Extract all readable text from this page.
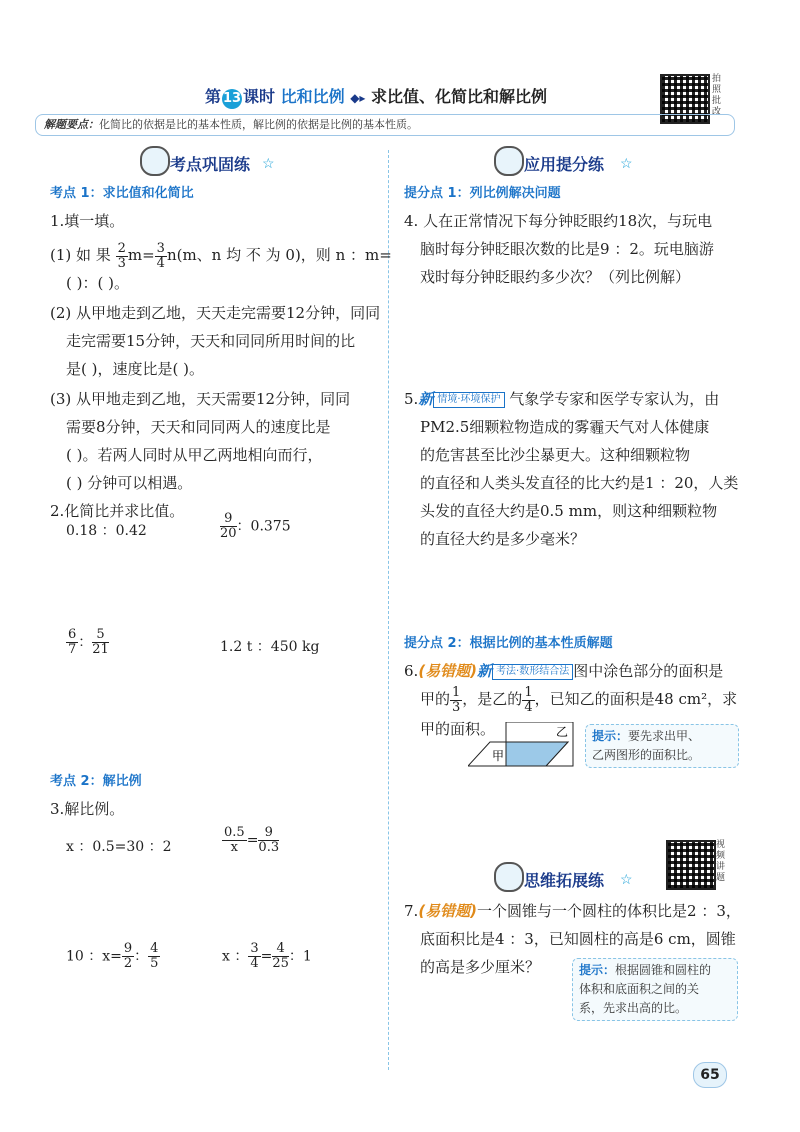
第 13 课时 比和比例 ◆▸ 求比值、化简比和解比例
拍照批改
解题要点：化简比的依据是比的基本性质，解比例的依据是比例的基本性质。
考点巩固练 ☆
考点 1：求比值和化简比
1.填一填。
(1) 如 果 $\frac{2}{3} m= \frac{3}{4} n(m$、n 均 不 为 0)，则 n ：m=
( )：( )。
(2) 从甲地走到乙地，天天走完需要12分钟，同同
走完需要15分钟，天天和同同所用时间的比
是( )，速度比是( )。
(3) 从甲地走到乙地，天天需要12分钟，同同
需要8分钟，天天和同同两人的速度比是
( )。若两人同时从甲乙两地相向而行，
( ) 分钟可以相遇。
2.化简比并求比值。
0.18 ：0.42	$\frac{9}{20}$ ：0.375
$\frac{6}{7}$ ： $\frac{5}{21}$	1.2 t ：450 kg
考点 2：解比例
3.解比例。
x ：0.5=30 ：2	$\frac{0.5}{x} = \frac{9}{0.3}$
10 ：$x= \frac{9}{2}$ ： $\frac{4}{5}$	x ： $\frac{3}{4} = \frac{4}{25}$ ：1
应用提分练 ☆
提分点 1：列比例解决问题
4. 人在正常情况下每分钟眨眼约18次，与玩电
脑时每分钟眨眼次数的比是9 ：2。玩电脑游
戏时每分钟眨眼约多少次？（列比例解）
5.新 情境·环境保护 气象学专家和医学专家认为，由
PM2.5细颗粒物造成的雾霾天气对人体健康
的危害甚至比沙尘暴更大。这种细颗粒物
的直径和人类头发直径的比大约是1 ：20，人类
头发的直径大约是0.5 mm，则这种细颗粒物
的直径大约是多少毫米？
提分点 2：根据比例的基本性质解题
6.(易错题)新 考法·数形结合法 图中涂色部分的面积是
甲的 $\frac{1}{3}$ ，是乙的 $\frac{1}{4}$ ，已知乙的面积是48 cm²，求
甲的面积。
甲
乙	提示：要先求出甲、
乙两图形的面积比。
视频讲题
思维拓展练 ☆
7.(易错题)一个圆锥与一个圆柱的体积比是2 ：3，
底面积比是4 ：3，已知圆柱的高是6 cm，圆锥
的高是多少厘米？	提示：根据圆锥和圆柱的
体积和底面积之间的关
系，先求出高的比。
65
